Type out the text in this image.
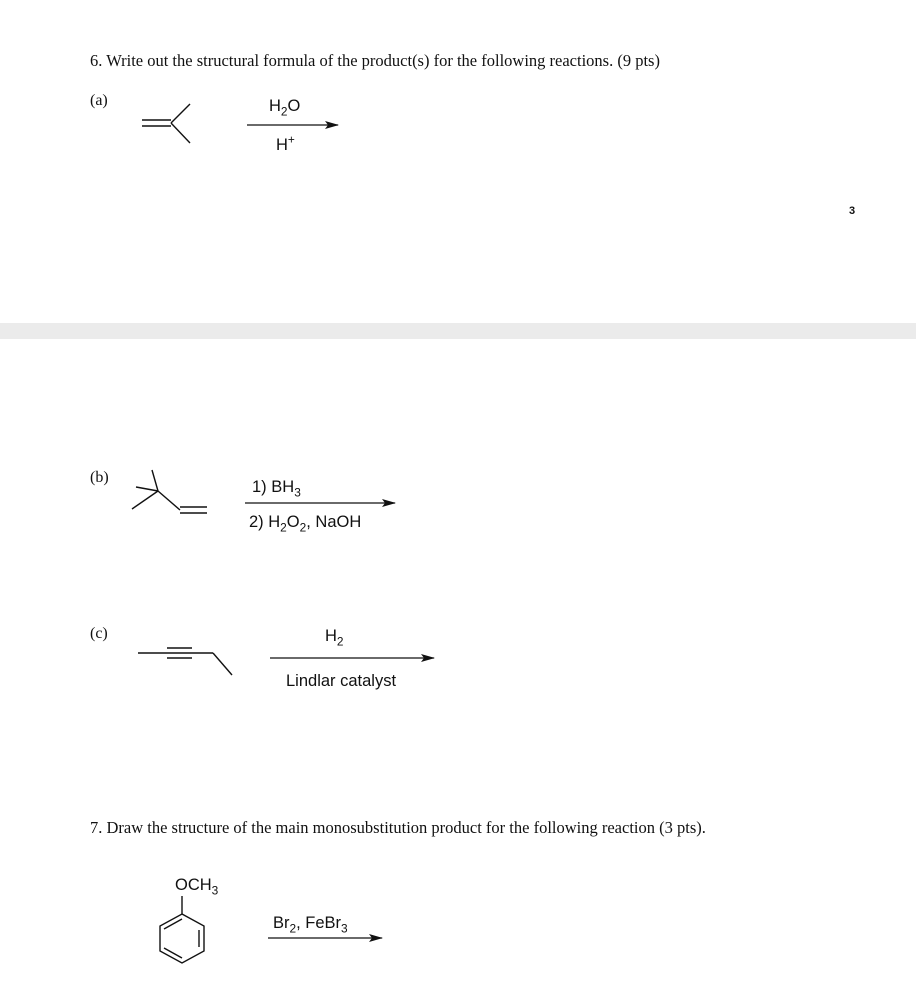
6. Write out the structural formula of the product(s) for the following reactions. (9 pts)
(a)	$H_2O$
H+
3
(b)
1) $BH_3$
2) $H_2O_2$, NaOH
(c)	$H_2$
Lindlar catalyst
7. Draw the structure of the main monosubstitution product for the following reaction (3 pts).
$OCH_3$
$Br_2$, FeBr$_3$
